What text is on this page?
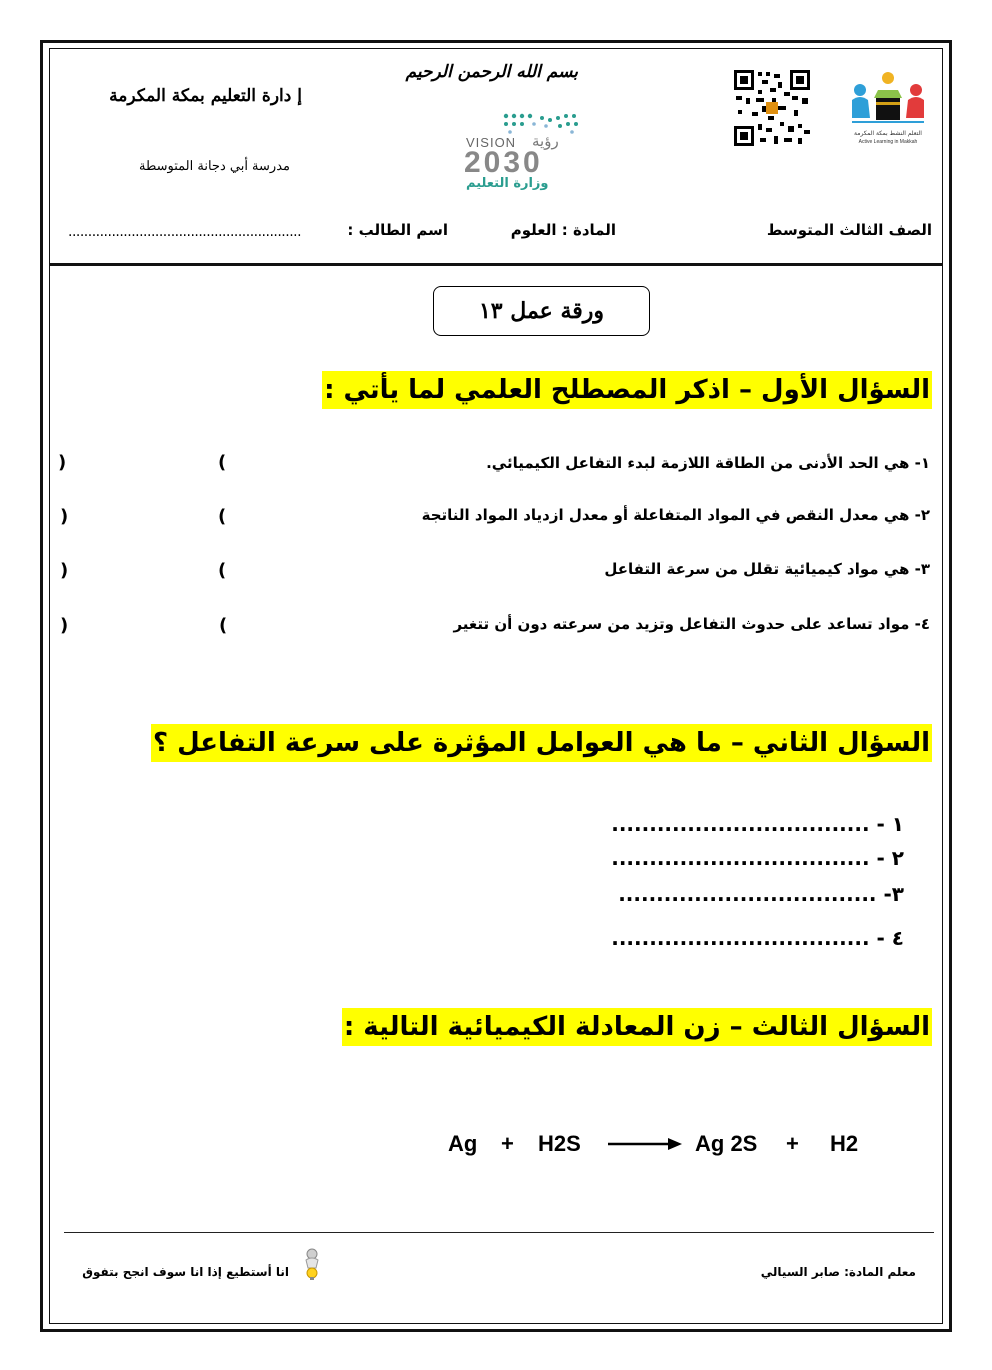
إ دارة التعليم بمكة المكرمة
مدرسة أبي دجانة المتوسطة
بسم الله الرحمن الرحيم
VISION رؤية
2030
وزارة التعليم
التعلم النشط بمكة المكرمة
Active Learning in Makkah
الصف الثالث المتوسط
المادة : العلوم
اسم الطالب :
...........................................................
ورقة عمل ١٣
السؤال الأول – اذكر المصطلح العلمي لما يأتي :
١- هي الحد الأدنى من الطاقة اللازمة لبدء التفاعل الكيميائي.
٢- هي معدل النقص في المواد المتفاعلة أو معدل ازدياد المواد الناتجة
٣- هي مواد كيميائية تقلل من سرعة التفاعل
٤- مواد تساعد على حدوث التفاعل وتزيد من سرعته دون أن تتغير
(
)
(
)
(
)
(
)
السؤال الثاني – ما هي العوامل المؤثرة على سرعة التفاعل ؟
١ - ..................................
٢ - ..................................
٣- ..................................
٤ - ..................................
السؤال الثالث – زن المعادلة الكيميائية التالية :
Ag + H2S	Ag 2S + H2
معلم المادة: صابر السيالي
انا أستطيع إذا انا سوف انجح بتفوق
